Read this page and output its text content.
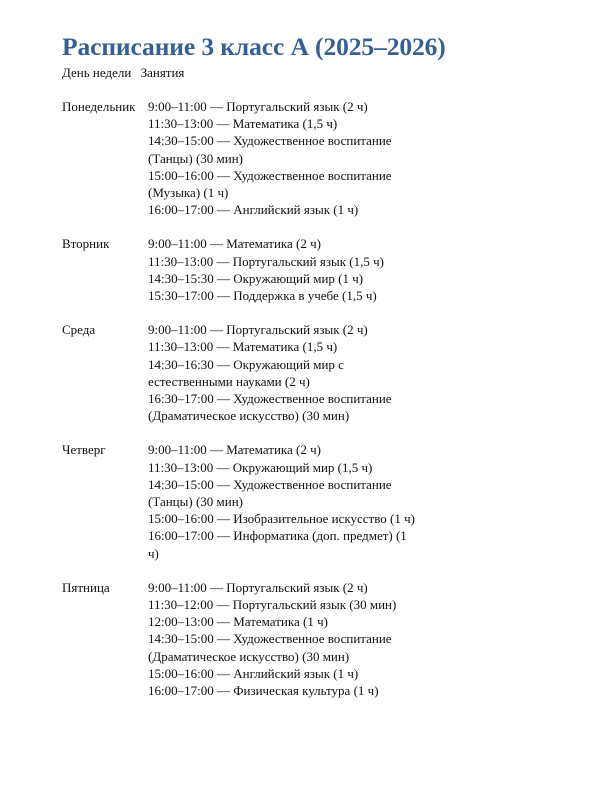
Расписание 3 класс А (2025–2026)
День недели Занятия
Понедельник 9:00–11:00 — Португальский язык (2 ч)
11:30–13:00 — Математика (1,5 ч)
14:30–15:00 — Художественное воспитание (Танцы) (30 мин)
15:00–16:00 — Художественное воспитание (Музыка) (1 ч)
16:00–17:00 — Английский язык (1 ч)
Вторник	9:00–11:00 — Математика (2 ч)
11:30–13:00 — Португальский язык (1,5 ч)
14:30–15:30 — Окружающий мир (1 ч)
15:30–17:00 — Поддержка в учебе (1,5 ч)
Среда	9:00–11:00 — Португальский язык (2 ч)
11:30–13:00 — Математика (1,5 ч)
14:30–16:30 — Окружающий мир с естественными науками (2 ч)
16:30–17:00 — Художественное воспитание (Драматическое искусство) (30 мин)
Четверг	9:00–11:00 — Математика (2 ч)
11:30–13:00 — Окружающий мир (1,5 ч)
14:30–15:00 — Художественное воспитание (Танцы) (30 мин)
15:00–16:00 — Изобразительное искусство (1 ч)
16:00–17:00 — Информатика (доп. предмет) (1 ч)
Пятница	9:00–11:00 — Португальский язык (2 ч)
11:30–12:00 — Португальский язык (30 мин)
12:00–13:00 — Математика (1 ч)
14:30–15:00 — Художественное воспитание (Драматическое искусство) (30 мин)
15:00–16:00 — Английский язык (1 ч)
16:00–17:00 — Физическая культура (1 ч)
